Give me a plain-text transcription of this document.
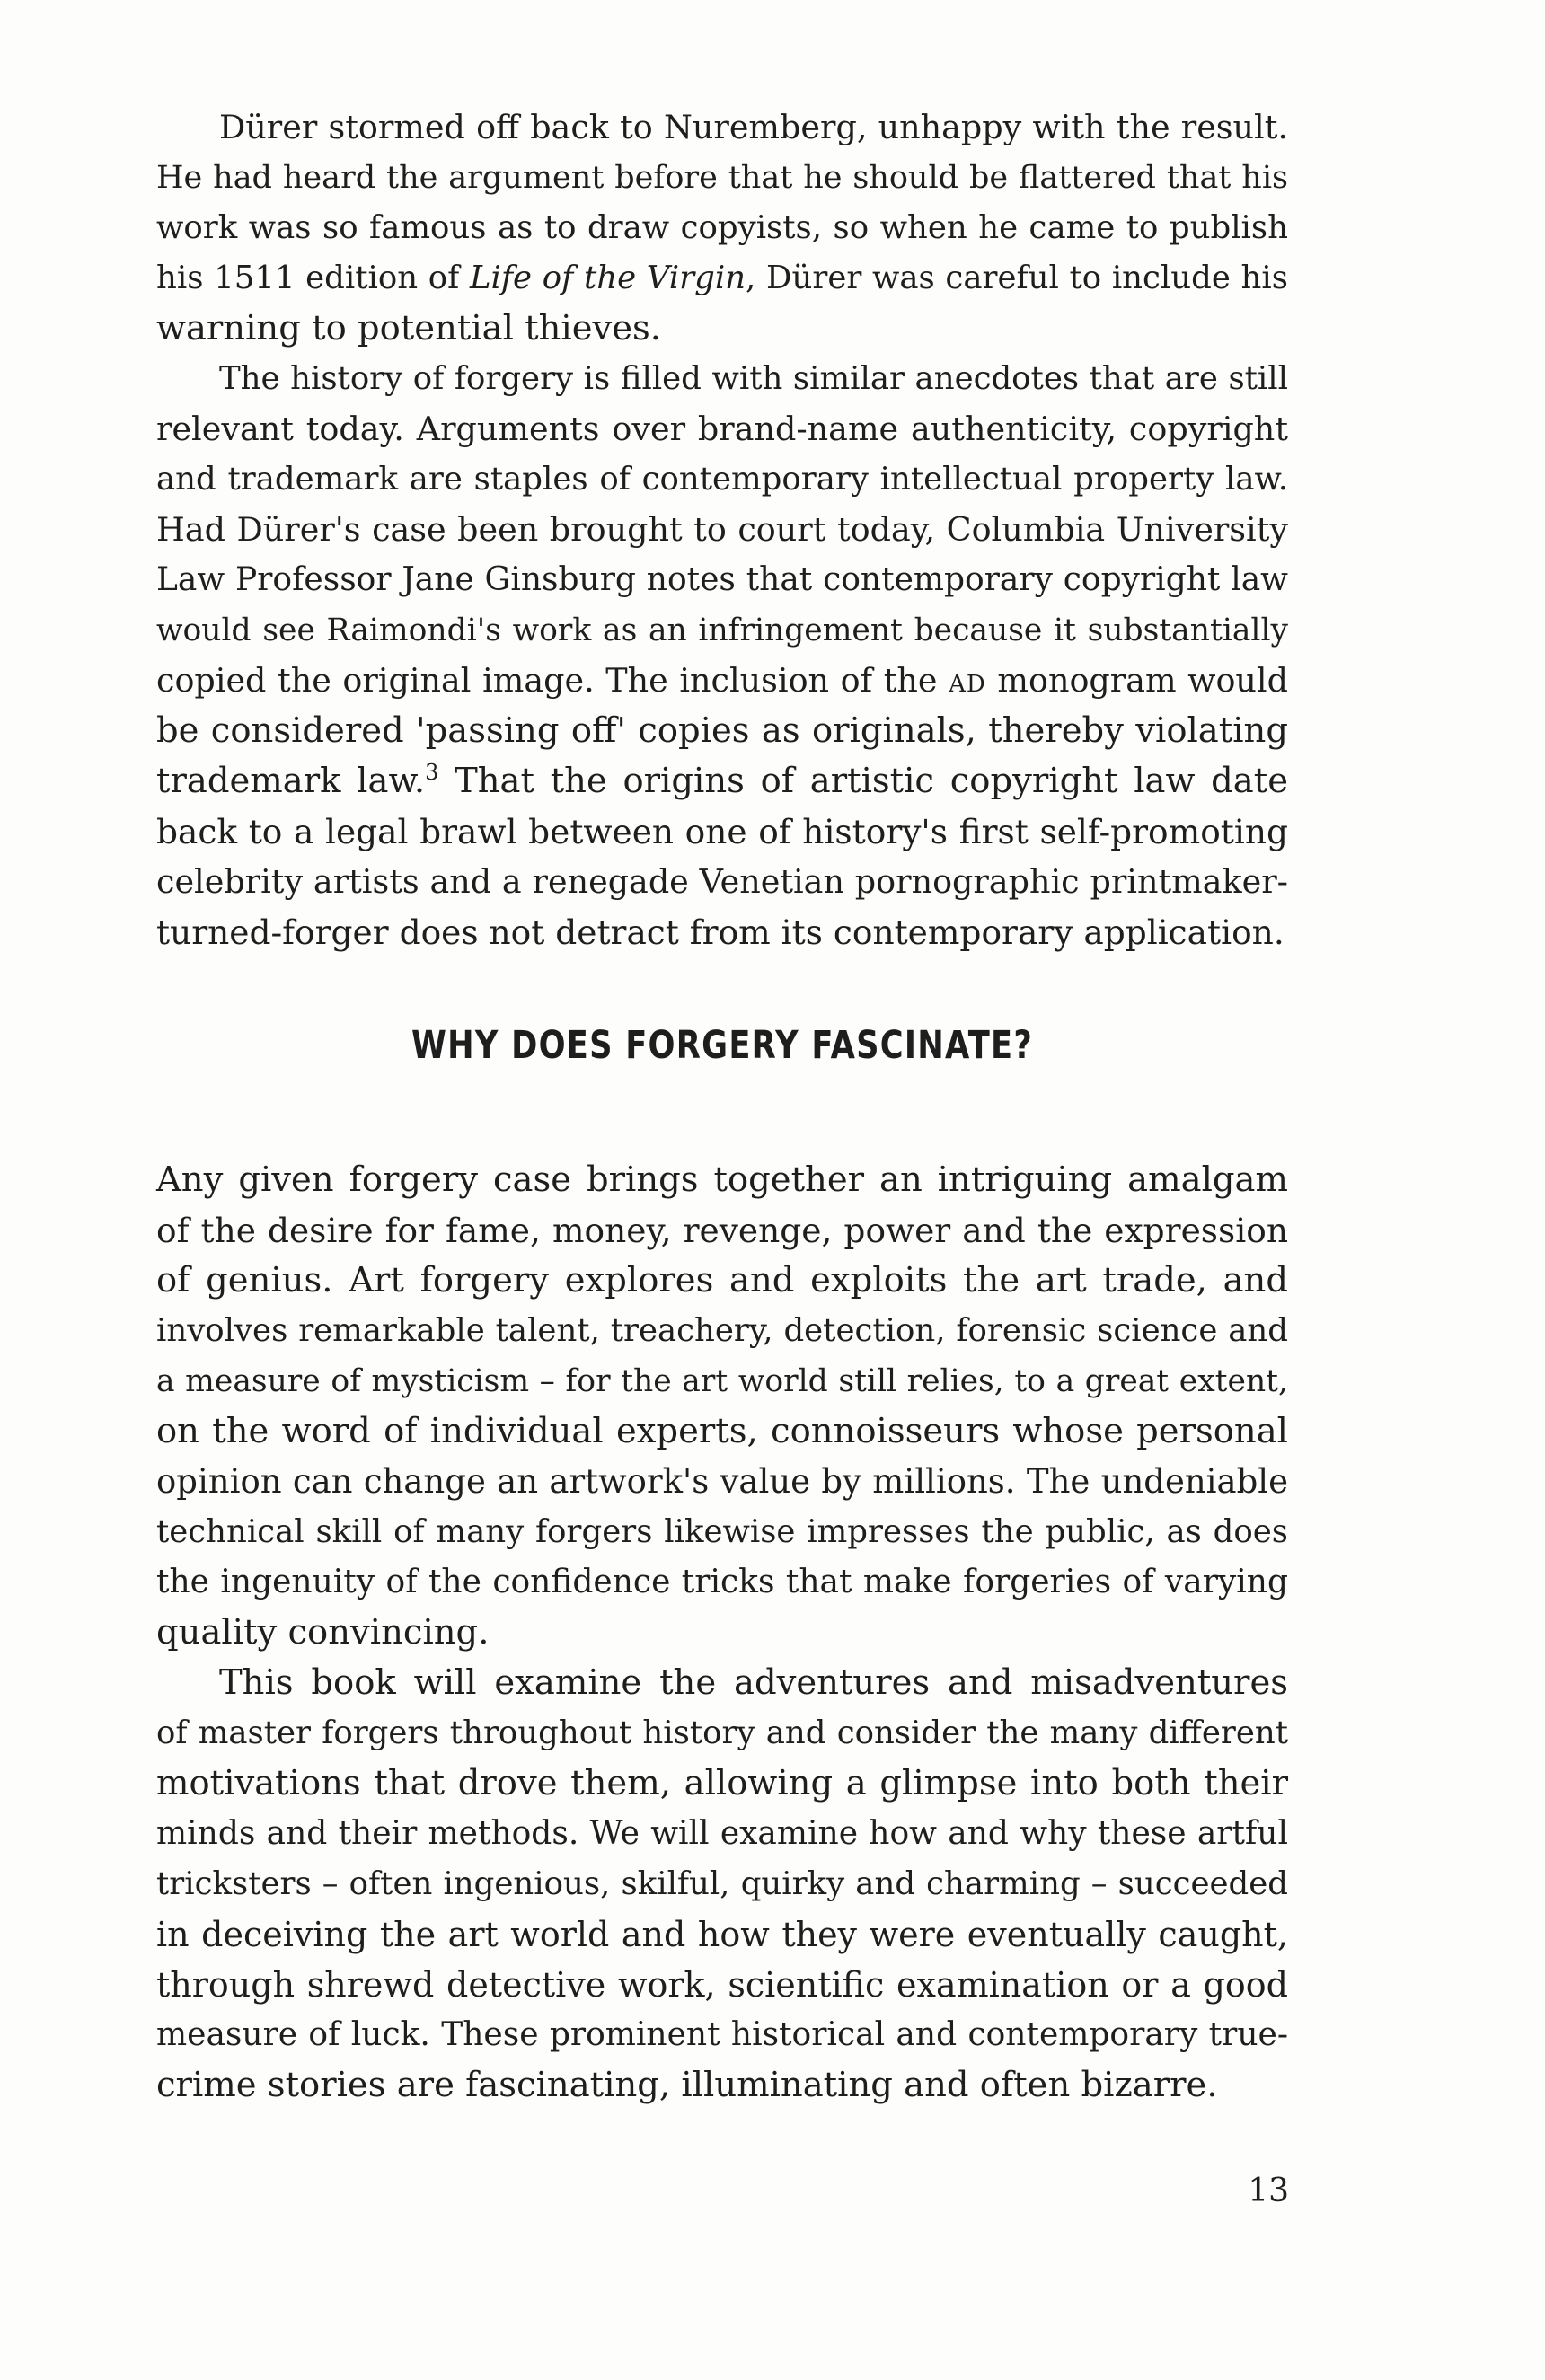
Dürer stormed off back to Nuremberg, unhappy with the result.
He had heard the argument before that he should be flattered that his
work was so famous as to draw copyists, so when he came to publish
his 1511 edition of Life of the Virgin, Dürer was careful to include his
warning to potential thieves.
The history of forgery is filled with similar anecdotes that are still
relevant today. Arguments over brand-name authenticity, copyright
and trademark are staples of contemporary intellectual property law.
Had Dürer's case been brought to court today, Columbia University
Law Professor Jane Ginsburg notes that contemporary copyright law
would see Raimondi's work as an infringement because it substantially
copied the original image. The inclusion of the ad monogram would
be considered 'passing off' copies as originals, thereby violating
trademark law.$^3$ That the origins of artistic copyright law date
back to a legal brawl between one of history's first self-promoting
celebrity artists and a renegade Venetian pornographic printmaker-
turned-forger does not detract from its contemporary application.
WHY DOES FORGERY FASCINATE?
Any given forgery case brings together an intriguing amalgam
of the desire for fame, money, revenge, power and the expression
of genius. Art forgery explores and exploits the art trade, and
involves remarkable talent, treachery, detection, forensic science and
a measure of mysticism – for the art world still relies, to a great extent,
on the word of individual experts, connoisseurs whose personal
opinion can change an artwork's value by millions. The undeniable
technical skill of many forgers likewise impresses the public, as does
the ingenuity of the confidence tricks that make forgeries of varying
quality convincing.
This book will examine the adventures and misadventures
of master forgers throughout history and consider the many different
motivations that drove them, allowing a glimpse into both their
minds and their methods. We will examine how and why these artful
tricksters – often ingenious, skilful, quirky and charming – succeeded
in deceiving the art world and how they were eventually caught,
through shrewd detective work, scientific examination or a good
measure of luck. These prominent historical and contemporary true-
crime stories are fascinating, illuminating and often bizarre.
13
